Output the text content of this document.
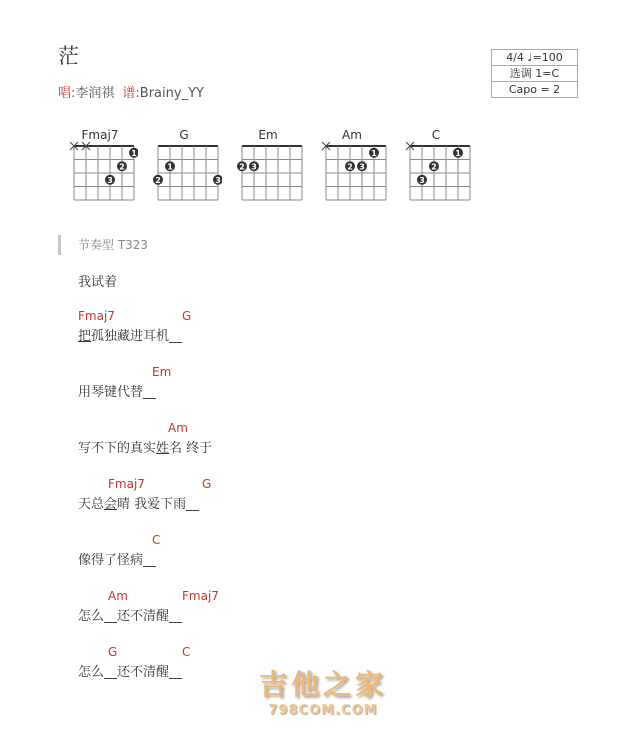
茫
唱:李润祺 谱:Brainy_YY
4/4 ♩=100
选调 1=C
Capo = 2
Fmaj7
1
2
3
G
1
2	3
Em
2 3
Am
1
2 3
C
1
2
3
节奏型 T323
我试着
Fmaj7	G
把孤独藏进耳机__
Em
用琴键代替__
Am
写不下的真实姓名 终于
Fmaj7	G
天总会晴 我爱下雨__
C
像得了怪病__
Am	Fmaj7
怎么__还不清醒__
G	C
怎么__还不清醒__	吉他之家
798COM.COM
